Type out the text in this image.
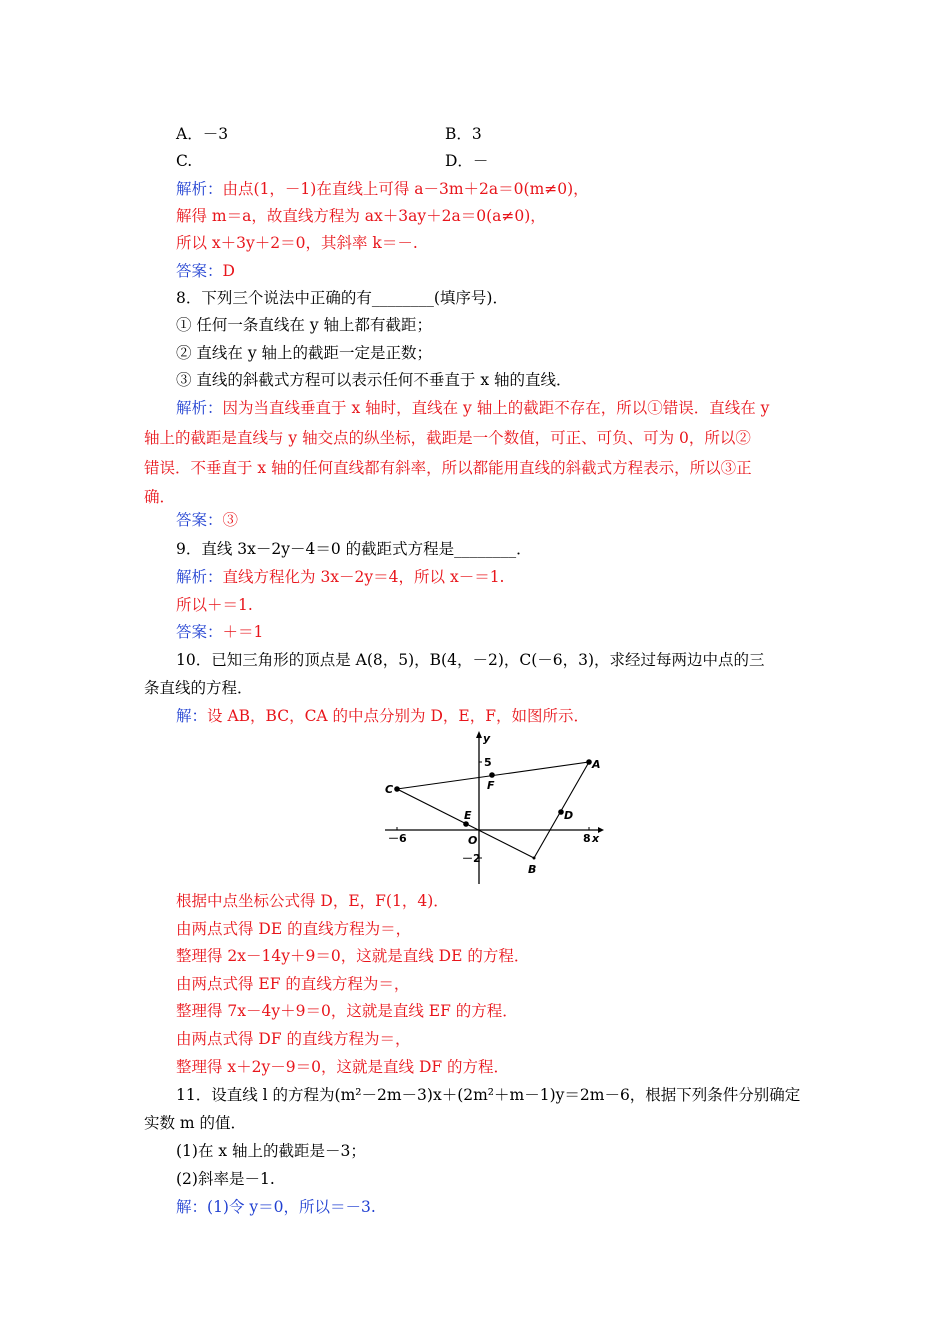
A．－3	B．3
C.	D．－
解析：由点(1，－1)在直线上可得 a－3m＋2a＝0(m≠0)，
解得 m＝a，故直线方程为 ax＋3ay＋2a＝0(a≠0)，
所以 x＋3y＋2＝0，其斜率 k＝－.
答案：D
8．下列三个说法中正确的有________(填序号)．
① 任何一条直线在 y 轴上都有截距；
② 直线在 y 轴上的截距一定是正数；
③ 直线的斜截式方程可以表示任何不垂直于 x 轴的直线．
解析：因为当直线垂直于 x 轴时，直线在 y 轴上的截距不存在，所以①错误．直线在 y
轴上的截距是直线与 y 轴交点的纵坐标，截距是一个数值，可正、可负、可为 0，所以②
错误．不垂直于 x 轴的任何直线都有斜率，所以都能用直线的斜截式方程表示，所以③正
确．
答案：③
9．直线 3x－2y－4＝0 的截距式方程是________．
解析：直线方程化为 3x－2y＝4，所以 x－＝1.
所以＋＝1.
答案：＋＝1
10．已知三角形的顶点是 A(8，5)，B(4，－2)，C(－6，3)，求经过每两边中点的三
条直线的方程．
解：设 AB，BC，CA 的中点分别为 D，E，F，如图所示．
y
x
8
－6	O
5
－2
A
B
C
D
E
F
根据中点坐标公式得 D，E，F(1，4)．
由两点式得 DE 的直线方程为＝，
整理得 2x－14y＋9＝0，这就是直线 DE 的方程．
由两点式得 EF 的直线方程为＝，
整理得 7x－4y＋9＝0，这就是直线 EF 的方程．
由两点式得 DF 的直线方程为＝，
整理得 x＋2y－9＝0，这就是直线 DF 的方程．
11．设直线 l 的方程为(m²－2m－3)x＋(2m²＋m－1)y＝2m－6，根据下列条件分别确定
实数 m 的值．
(1)在 x 轴上的截距是－3；
(2)斜率是－1.
解：(1)令 y＝0，所以＝－3.
